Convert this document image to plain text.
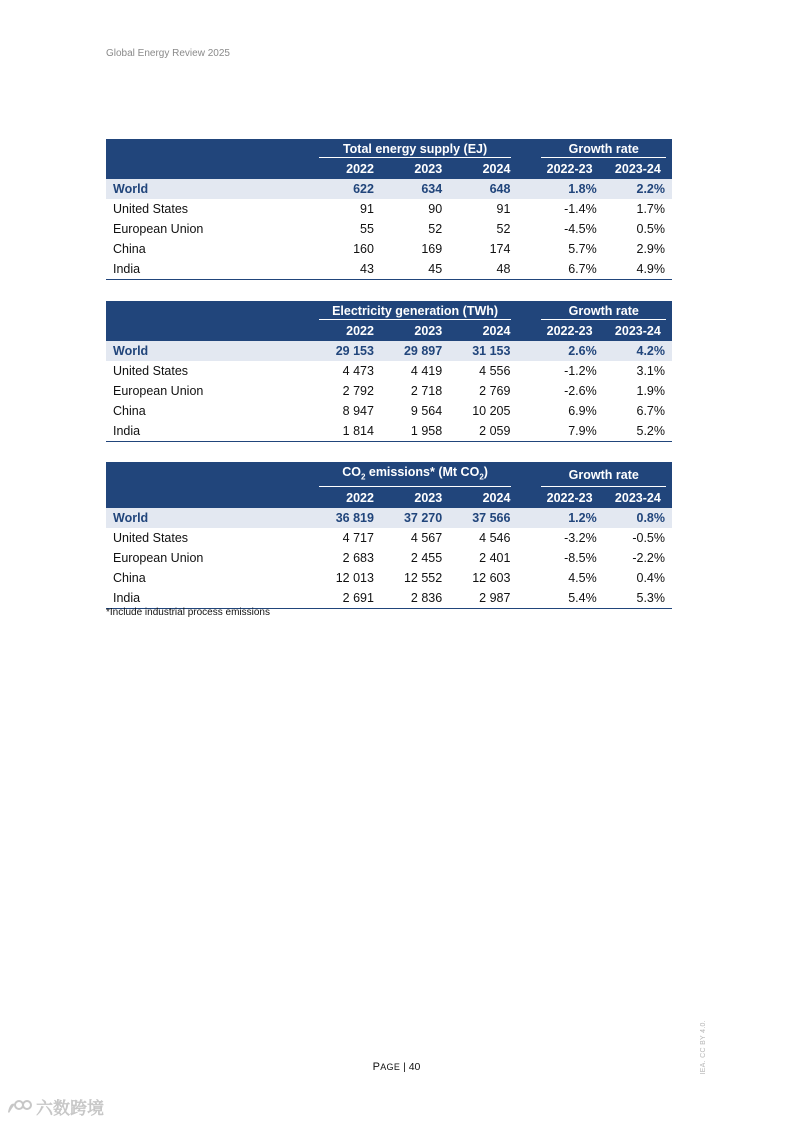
Global Energy Review 2025
	Total energy supply (EJ)				Growth rate	
	2022	2023	2024		2022-23	2023-24
World	622	634	648		1.8%	2.2%
United States	91	90	91		-1.4%	1.7%
European Union	55	52	52		-4.5%	0.5%
China	160	169	174		5.7%	2.9%
India	43	45	48		6.7%	4.9%
	Electricity generation (TWh)				Growth rate	
	2022	2023	2024		2022-23	2023-24
World	29 153	29 897	31 153		2.6%	4.2%
United States	4 473	4 419	4 556		-1.2%	3.1%
European Union	2 792	2 718	2 769		-2.6%	1.9%
China	8 947	9 564	10 205		6.9%	6.7%
India	1 814	1 958	2 059		7.9%	5.2%
	$CO_2$ emissions* (Mt $CO_2$)				Growth rate	
	2022	2023	2024		2022-23	2023-24
World	36 819	37 270	37 566		1.2%	0.8%
United States	4 717	4 567	4 546		-3.2%	-0.5%
European Union	2 683	2 455	2 401		-8.5%	-2.2%
China	12 013	12 552	12 603		4.5%	0.4%
India	2 691	2 836	2 987		5.4%	5.3%
*Include industrial process emissions
PAGE | 40	IEA. CC BY 4.0.
六数跨境
